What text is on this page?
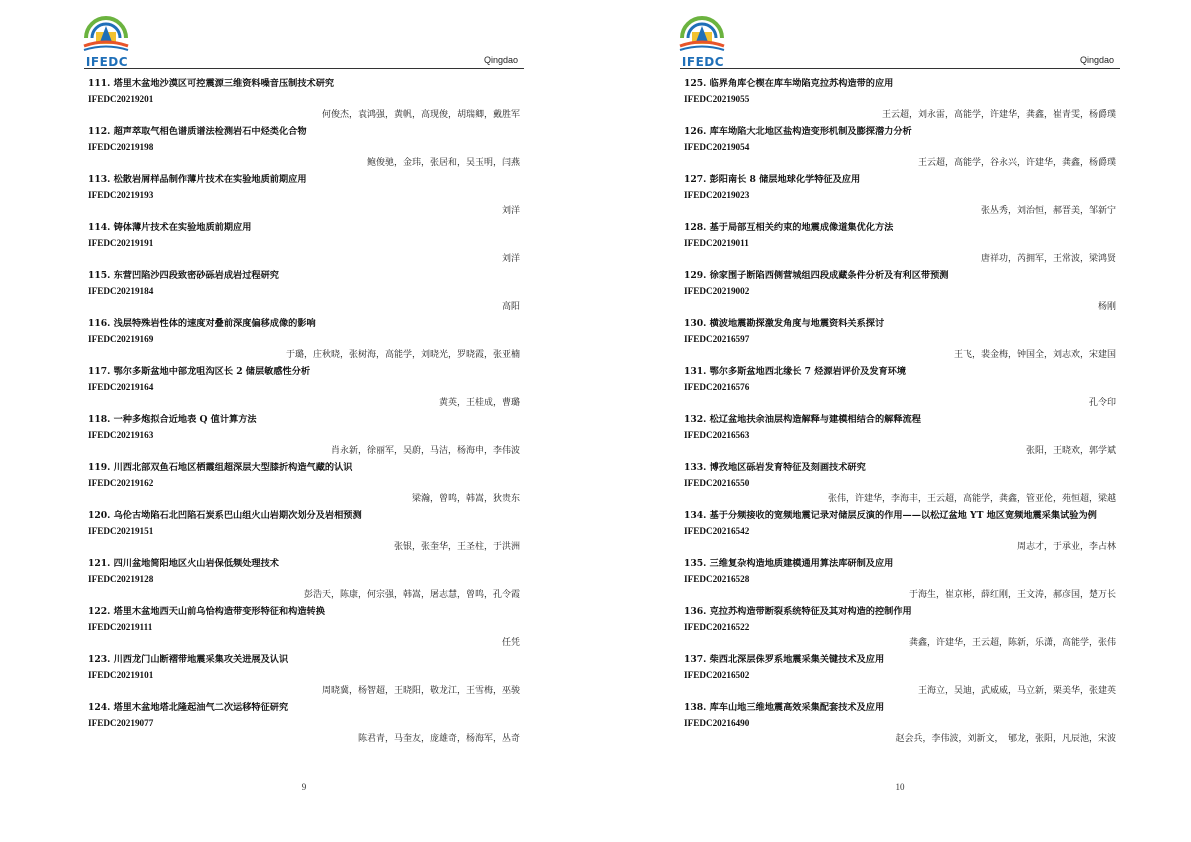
IFEDC	Qingdao
111. 塔里木盆地沙漠区可控震源三维资料噪音压制技术研究
IFEDC20219201
何俊杰，袁鸿强，黄帆，高现俊，胡瑞卿，戴胜军
112. 超声萃取气相色谱质谱法检测岩石中烃类化合物
IFEDC20219198
鲍俊驰，金玮，张居和，吴玉明，闫燕
113. 松散岩屑样品制作薄片技术在实验地质前期应用
IFEDC20219193
刘洋
114. 铸体薄片技术在实验地质前期应用
IFEDC20219191
刘洋
115. 东营凹陷沙四段致密砂砾岩成岩过程研究
IFEDC20219184
高阳
116. 浅层特殊岩性体的速度对叠前深度偏移成像的影响
IFEDC20219169
于璐，庄秋晓，张树海，高能学，刘晓光，罗晓霞，张亚楠
117. 鄂尔多斯盆地中部龙咀沟区长 2 储层敏感性分析
IFEDC20219164
黄英，王桂成，曹璐
118. 一种多炮拟合近地表 Q 值计算方法
IFEDC20219163
肖永新，徐丽军，吴蔚，马洁，杨海申，李伟波
119. 川西北部双鱼石地区栖霞组超深层大型膝折构造气藏的认识
IFEDC20219162
梁瀚，曾鸣，韩嵩，狄贵东
120. 乌伦古坳陷石北凹陷石炭系巴山组火山岩期次划分及岩相预测
IFEDC20219151
张银，张奎华，王圣柱，于洪洲
121. 四川盆地简阳地区火山岩保低频处理技术
IFEDC20219128
彭浩天，陈康，何宗强，韩嵩，屠志慧，曾鸣，孔令霞
122. 塔里木盆地西天山前乌恰构造带变形特征和构造转换
IFEDC20219111
任凭
123. 川西龙门山断褶带地震采集攻关进展及认识
IFEDC20219101
周晓冀，杨智超，王晓阳，敬龙江，王雪梅，巫骏
124. 塔里木盆地塔北隆起油气二次运移特征研究
IFEDC20219077
陈君青，马奎友，庞雄奇，杨海军，丛奇
9
IFEDC	Qingdao
125. 临界角库仑楔在库车坳陷克拉苏构造带的应用
IFEDC20219055
王云超，刘永雷，高能学，许建华，龚鑫，崔青雯，杨爵璞
126. 库车坳陷大北地区盐构造变形机制及膨探潜力分析
IFEDC20219054
王云超，高能学，谷永兴，许建华，龚鑫，杨爵璞
127. 彭阳南长 8 储层地球化学特征及应用
IFEDC20219023
张丛秀，刘治恒，郝晋美，邹新宁
128. 基于局部互相关约束的地震成像道集优化方法
IFEDC20219011
唐祥功，芮拥军，王常波，梁鸿贤
129. 徐家围子断陷西侧营城组四段成藏条件分析及有利区带预测
IFEDC20219002
杨刚
130. 横波地震勘探激发角度与地震资料关系探讨
IFEDC20216597
王飞，裴金梅，钟国全，刘志欢，宋建国
131. 鄂尔多斯盆地西北缘长 7 烃源岩评价及发育环境
IFEDC20216576
孔令印
132. 松辽盆地扶余油层构造解释与建模相结合的解释流程
IFEDC20216563
张阳，王晓欢，郭学斌
133. 博孜地区砾岩发育特征及刻画技术研究
IFEDC20216550
张伟，许建华，李海丰，王云超，高能学，龚鑫，管亚伦，苑恒超，梁越
134. 基于分频接收的宽频地震记录对储层反演的作用——以松辽盆地 YT 地区宽频地震采集试验为例
IFEDC20216542
周志才，于承业，李占林
135. 三维复杂构造地质建模通用算法库研制及应用
IFEDC20216528
于海生，崔京彬，薛红刚，王文涛，郝彦国，楚万长
136. 克拉苏构造带断裂系统特征及其对构造的控制作用
IFEDC20216522
龚鑫，许建华，王云超，陈新，乐潇，高能学，张伟
137. 柴西北深层侏罗系地震采集关键技术及应用
IFEDC20216502
王海立，吴迪，武威威，马立新，栗美华，张建英
138. 库车山地三维地震高效采集配套技术及应用
IFEDC20216490
赵会兵，李伟波，刘新文，　郇龙，张阳，凡辰池，宋波
10
